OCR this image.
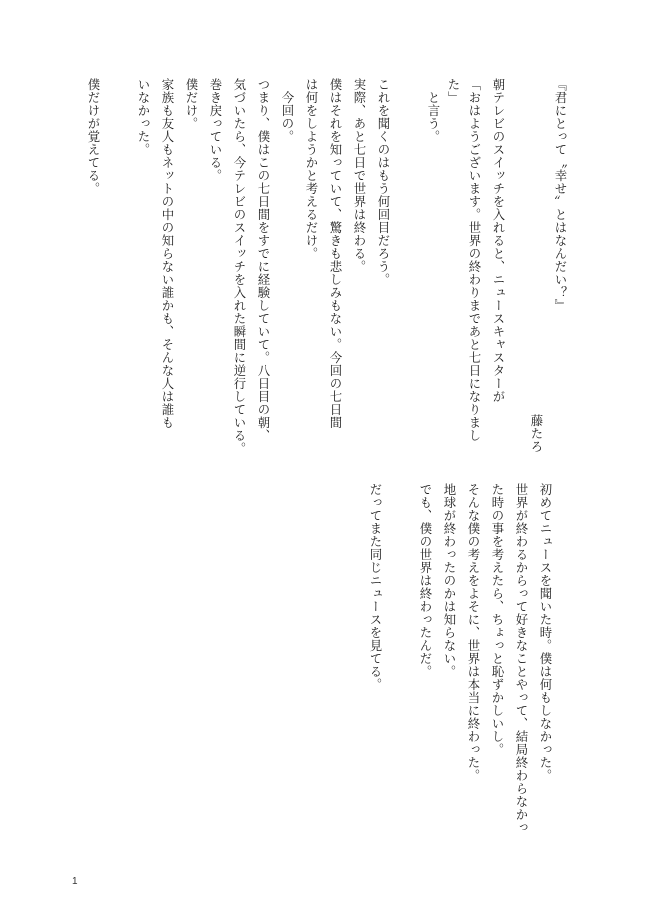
『君にとって〝幸せ〟とはなんだい？』
藤たろ
朝テレビのスイッチを入れると、ニュースキャスターが
「おはようございます。世界の終わりまであと七日になりまし
た」
　と言う。
これを聞くのはもう何回目だろう。
実際、あと七日で世界は終わる。
僕はそれを知っていて、驚きも悲しみもない。今回の七日間
は何をしようかと考えるだけ。
　今回の。
つまり、僕はこの七日間をすでに経験していて。八日目の朝、
気づいたら、今テレビのスイッチを入れた瞬間に逆行している。
巻き戻っている。
僕だけ。
家族も友人もネットの中の知らない誰かも、そんな人は誰も
いなかった。
僕だけが覚えてる。
初めてニュースを聞いた時。僕は何もしなかった。
世界が終わるからって好きなことやって、結局終わらなかっ
た時の事を考えたら、ちょっと恥ずかしいし。
そんな僕の考えをよそに、世界は本当に終わった。
地球が終わったのかは知らない。
でも、僕の世界は終わったんだ。
だってまた同じニュースを見てる。
1
